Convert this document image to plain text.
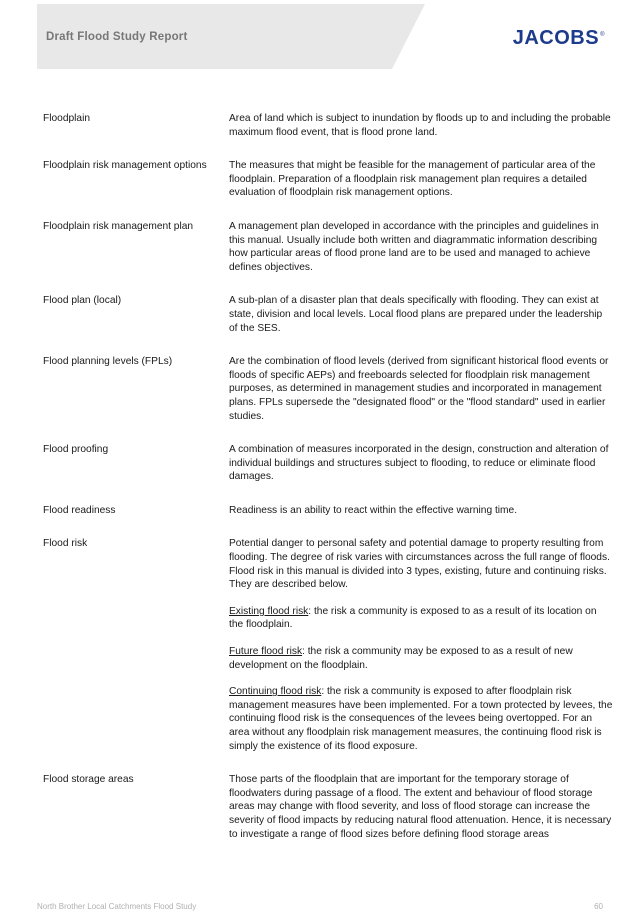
Draft Flood Study Report	JACOBS®
Floodplain	Area of land which is subject to inundation by floods up to and including the probable maximum flood event, that is flood prone land.

Floodplain risk management options	The measures that might be feasible for the management of particular area of the floodplain. Preparation of a floodplain risk management plan requires a detailed evaluation of floodplain risk management options.

Floodplain risk management plan	A management plan developed in accordance with the principles and guidelines in this manual. Usually include both written and diagrammatic information describing how particular areas of flood prone land are to be used and managed to achieve defines objectives.

Flood plan (local)	A sub-plan of a disaster plan that deals specifically with flooding. They can exist at state, division and local levels. Local flood plans are prepared under the leadership of the SES.

Flood planning levels (FPLs)	Are the combination of flood levels (derived from significant historical flood events or floods of specific AEPs) and freeboards selected for floodplain risk management purposes, as determined in management studies and incorporated in management plans. FPLs supersede the "designated flood" or the "flood standard" used in earlier studies.

Flood proofing	A combination of measures incorporated in the design, construction and alteration of individual buildings and structures subject to flooding, to reduce or eliminate flood damages.

Flood readiness	Readiness is an ability to react within the effective warning time.

Flood risk	Potential danger to personal safety and potential damage to property resulting from flooding. The degree of risk varies with circumstances across the full range of floods. Flood risk in this manual is divided into 3 types, existing, future and continuing risks. They are described below.

Existing flood risk: the risk a community is exposed to as a result of its location on the floodplain.

Future flood risk: the risk a community may be exposed to as a result of new development on the floodplain.

Continuing flood risk: the risk a community is exposed to after floodplain risk management measures have been implemented. For a town protected by levees, the continuing flood risk is the consequences of the levees being overtopped. For an area without any floodplain risk management measures, the continuing flood risk is simply the existence of its flood exposure.

Flood storage areas	Those parts of the floodplain that are important for the temporary storage of floodwaters during passage of a flood. The extent and behaviour of flood storage areas may change with flood severity, and loss of flood storage can increase the severity of flood impacts by reducing natural flood attenuation. Hence, it is necessary to investigate a range of flood sizes before defining flood storage areas

North Brother Local Catchments Flood Study	60
